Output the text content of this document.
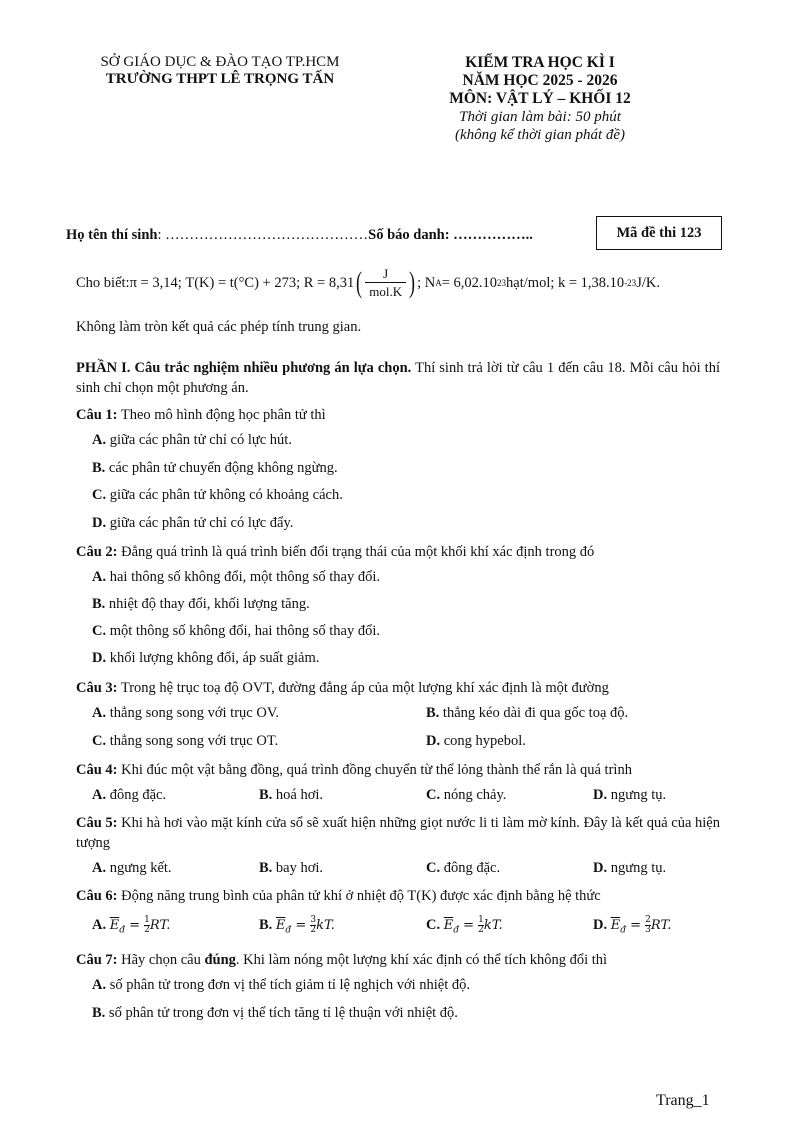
SỞ GIÁO DỤC & ĐÀO TẠO TP.HCM
TRƯỜNG THPT LÊ TRỌNG TẤN
KIỂM TRA HỌC KÌ I
NĂM HỌC 2025 - 2026
MÔN: VẬT LÝ – KHỐI 12
Thời gian làm bài: 50 phút
(không kể thời gian phát đề)
Họ tên thí sinh: ……………………………………Số báo danh: ……………..	Mã đề thi 123
Cho biết: π = 3,14; T(K) = t(°C) + 273; R = 8,31 ( $\frac{J}{\text{mol.K}}$ ) ; N A = 6,02.10 23 hạt/mol; k = 1,38.10 -23 J/K.
Không làm tròn kết quả các phép tính trung gian.
PHẦN I. Câu trắc nghiệm nhiều phương án lựa chọn. Thí sinh trả lời từ câu 1 đến câu 18. Mỗi câu hỏi thí sinh chỉ chọn một phương án.
Câu 1: Theo mô hình động học phân tử thì
A. giữa các phân tử chỉ có lực hút.
B. các phân tử chuyển động không ngừng.
C. giữa các phân tử không có khoảng cách.
D. giữa các phân tử chỉ có lực đẩy.
Câu 2: Đẳng quá trình là quá trình biến đổi trạng thái của một khối khí xác định trong đó
A. hai thông số không đổi, một thông số thay đổi.
B. nhiệt độ thay đổi, khối lượng tăng.
C. một thông số không đổi, hai thông số thay đổi.
D. khối lượng không đổi, áp suất giảm.
Câu 3: Trong hệ trục toạ độ OVT, đường đẳng áp của một lượng khí xác định là một đường
A. thẳng song song với trục OV.	B. thẳng kéo dài đi qua gốc toạ độ.
C. thẳng song song với trục OT.	D. cong hypebol.
Câu 4: Khi đúc một vật bằng đồng, quá trình đồng chuyển từ thể lỏng thành thể rắn là quá trình
A. đông đặc.	B. hoá hơi.	C. nóng chảy.	D. ngưng tụ.
Câu 5: Khi hà hơi vào mặt kính cửa sổ sẽ xuất hiện những giọt nước li ti làm mờ kính. Đây là kết quả của hiện tượng
A. ngưng kết.	B. bay hơi.	C. đông đặc.	D. ngưng tụ.
Câu 6: Động năng trung bình của phân tử khí ở nhiệt độ T(K) được xác định bằng hệ thức
A. $\overline{E}_đ = \frac{1}{2}$ RT.	B. $\overline{E}_đ = \frac{3}{2}$ kT.	C. $\overline{E}_đ = \frac{1}{2}$ kT.	D. $\overline{E}_đ = \frac{2}{3}$ RT.
Câu 7: Hãy chọn câu đúng. Khi làm nóng một lượng khí xác định có thể tích không đổi thì
A. số phân tử trong đơn vị thể tích giảm tỉ lệ nghịch với nhiệt độ.
B. số phân tử trong đơn vị thể tích tăng tỉ lệ thuận với nhiệt độ.
Trang_1
